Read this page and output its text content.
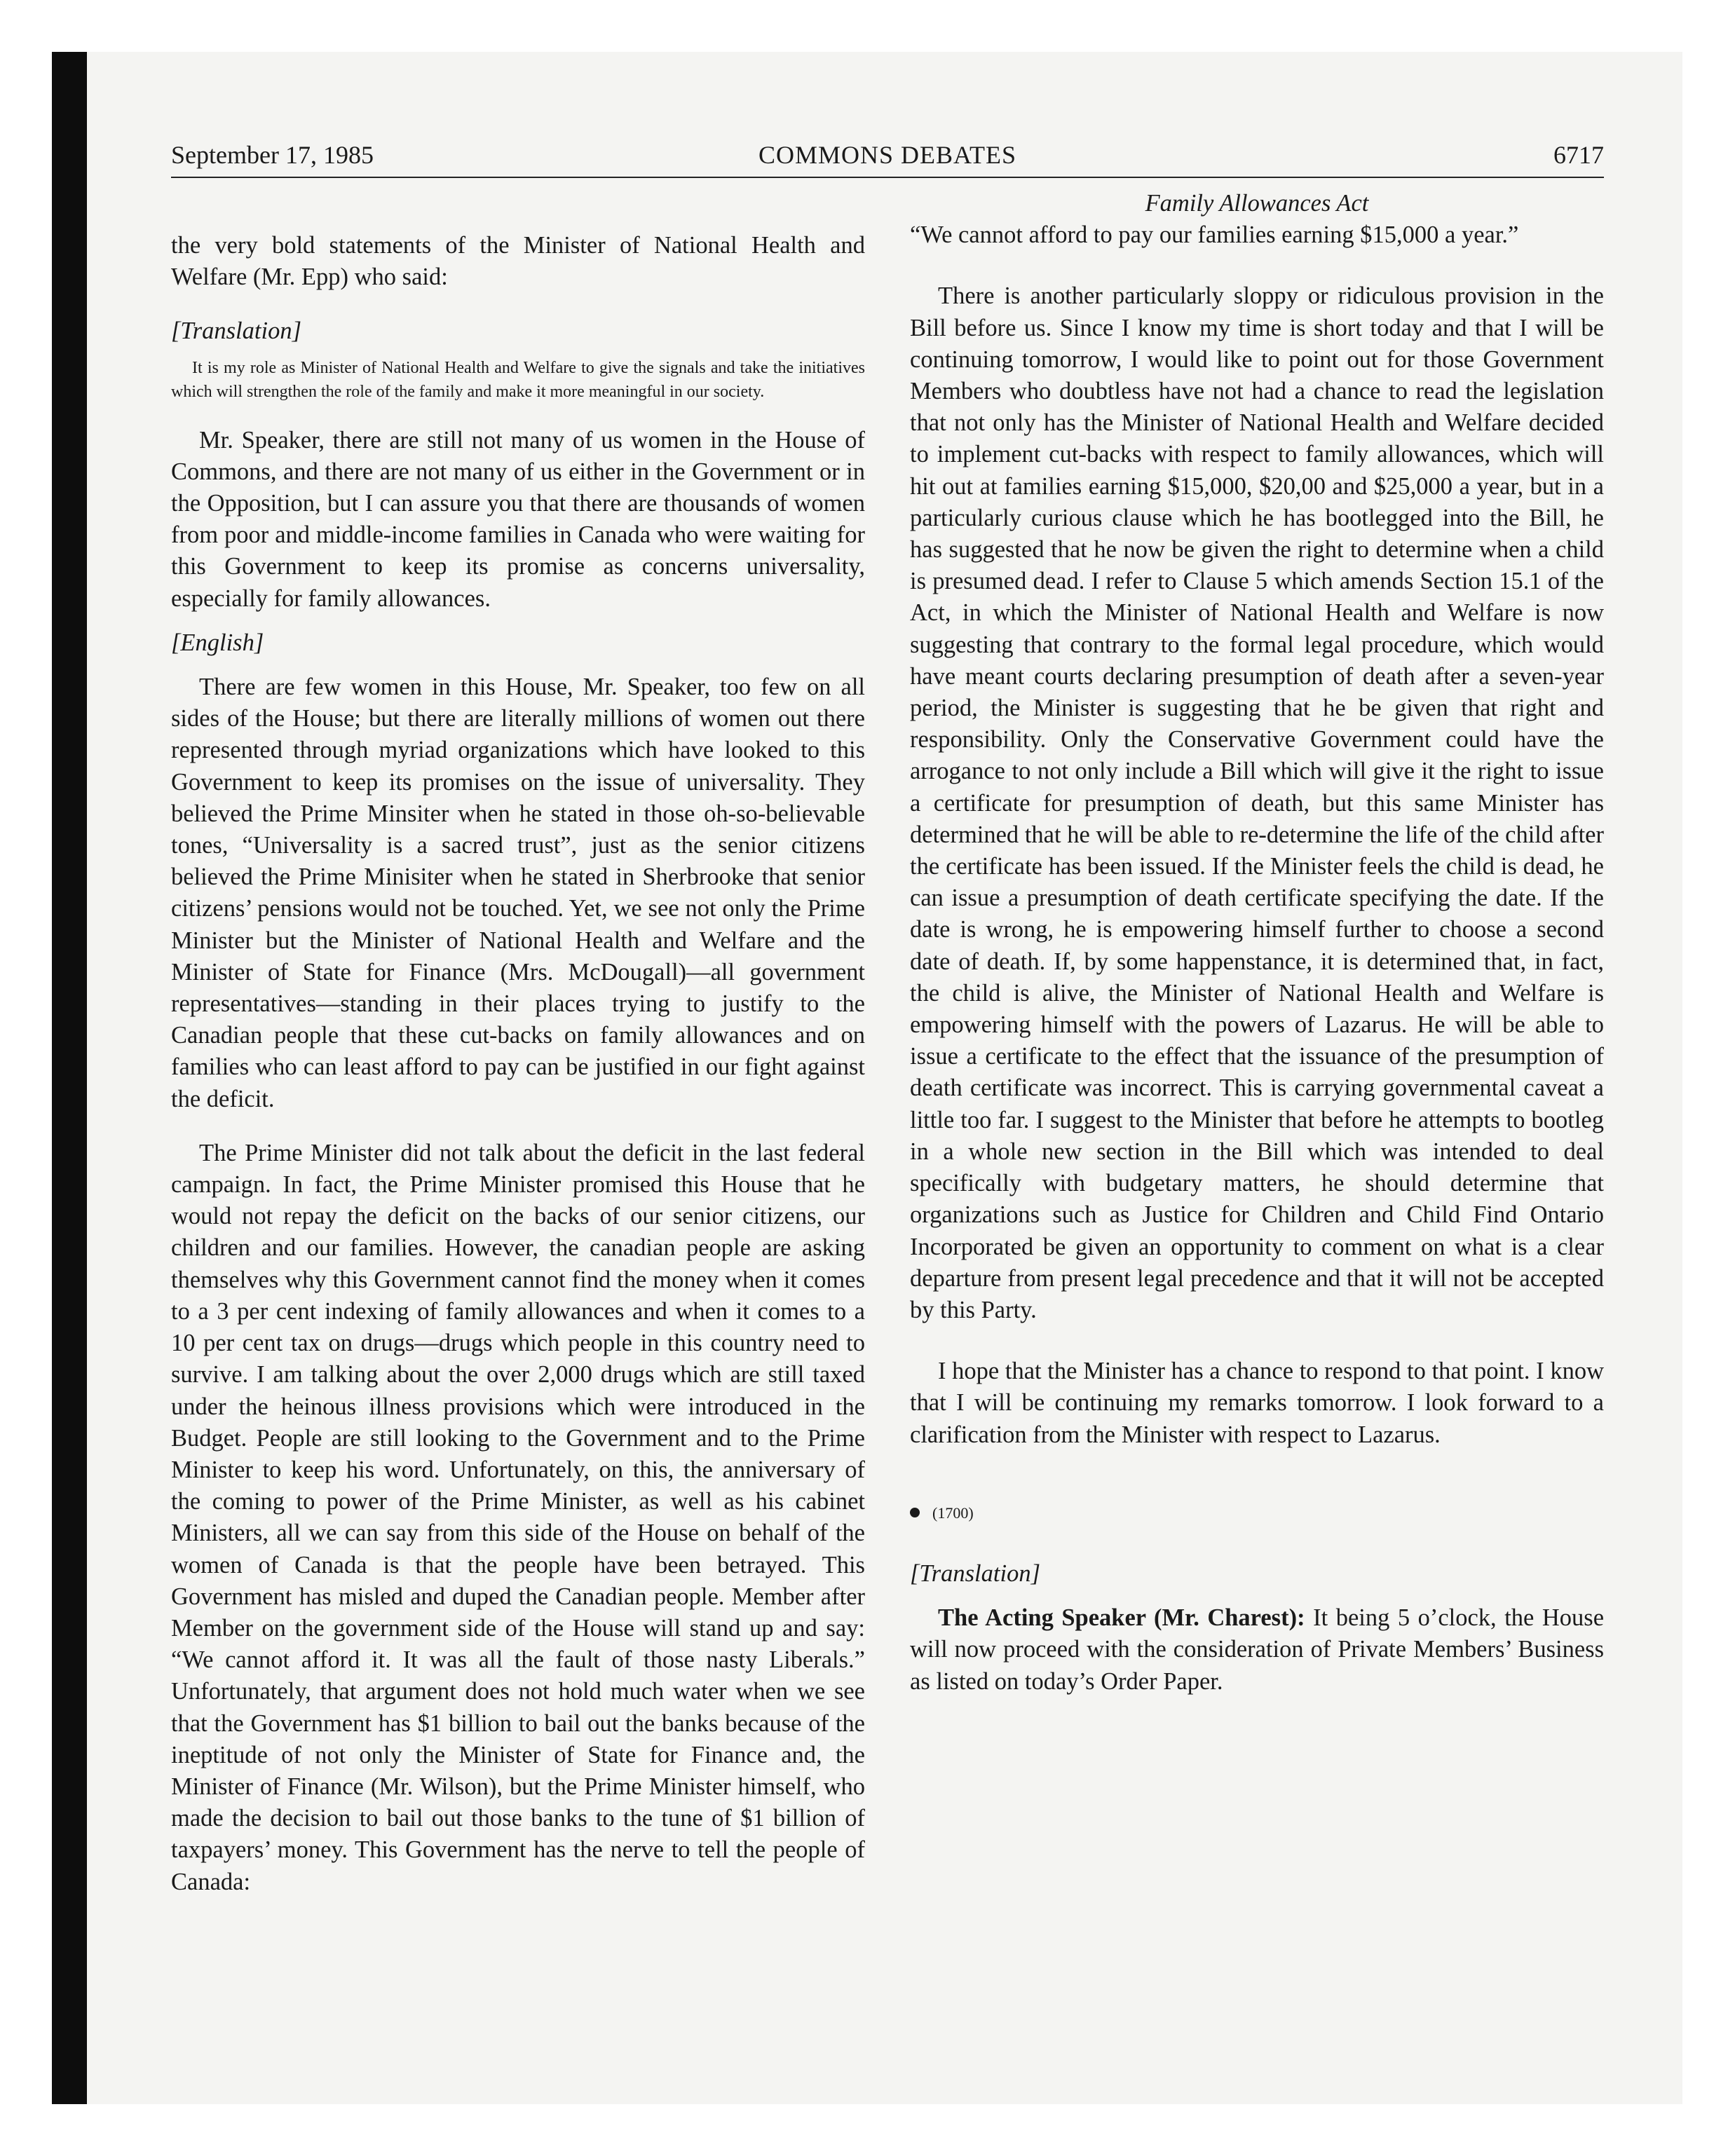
September 17, 1985	COMMONS DEBATES	6717

the very bold statements of the Minister of National Health and Welfare (Mr. Epp) who said:

[Translation]

It is my role as Minister of National Health and Welfare to give the signals and take the initiatives which will strengthen the role of the family and make it more meaningful in our society.

Mr. Speaker, there are still not many of us women in the House of Commons, and there are not many of us either in the Government or in the Opposition, but I can assure you that there are thousands of women from poor and middle-income families in Canada who were waiting for this Government to keep its promise as concerns universality, especially for family allowances.

[English]

There are few women in this House, Mr. Speaker, too few on all sides of the House; but there are literally millions of women out there represented through myriad organizations which have looked to this Government to keep its promises on the issue of universality. They believed the Prime Minsiter when he stated in those oh-so-believable tones, “Universality is a sacred trust”, just as the senior citizens believed the Prime Minisiter when he stated in Sherbrooke that senior citizens’ pensions would not be touched. Yet, we see not only the Prime Minister but the Minister of National Health and Welfare and the Minister of State for Finance (Mrs. McDougall)—all government representatives—standing in their places trying to justify to the Canadian people that these cut-backs on family allowances and on families who can least afford to pay can be justified in our fight against the deficit.

The Prime Minister did not talk about the deficit in the last federal campaign. In fact, the Prime Minister promised this House that he would not repay the deficit on the backs of our senior citizens, our children and our families. However, the canadian people are asking themselves why this Government cannot find the money when it comes to a 3 per cent indexing of family allowances and when it comes to a 10 per cent tax on drugs—drugs which people in this country need to survive. I am talking about the over 2,000 drugs which are still taxed under the heinous illness provisions which were introduced in the Budget. People are still looking to the Government and to the Prime Minister to keep his word. Unfortunately, on this, the anniversary of the coming to power of the Prime Minister, as well as his cabinet Ministers, all we can say from this side of the House on behalf of the women of Canada is that the people have been betrayed. This Government has misled and duped the Canadian people. Member after Member on the government side of the House will stand up and say: “We cannot afford it. It was all the fault of those nasty Liberals.” Unfortunately, that argument does not hold much water when we see that the Government has $1 billion to bail out the banks because of the ineptitude of not only the Minister of State for Finance and, the Minister of Finance (Mr. Wilson), but the Prime Minister himself, who made the decision to bail out those banks to the tune of $1 billion of taxpayers’ money. This Government has the nerve to tell the people of Canada:

Family Allowances Act

“We cannot afford to pay our families earning $15,000 a year.”

There is another particularly sloppy or ridiculous provision in the Bill before us. Since I know my time is short today and that I will be continuing tomorrow, I would like to point out for those Government Members who doubtless have not had a chance to read the legislation that not only has the Minister of National Health and Welfare decided to implement cut-backs with respect to family allowances, which will hit out at families earning $15,000, $20,00 and $25,000 a year, but in a particularly curious clause which he has bootlegged into the Bill, he has suggested that he now be given the right to determine when a child is presumed dead. I refer to Clause 5 which amends Section 15.1 of the Act, in which the Minister of National Health and Welfare is now suggesting that contrary to the formal legal procedure, which would have meant courts declaring presumption of death after a seven-year period, the Minister is suggesting that he be given that right and responsibility. Only the Conservative Government could have the arrogance to not only include a Bill which will give it the right to issue a certificate for presumption of death, but this same Minister has determined that he will be able to re-determine the life of the child after the certificate has been issued. If the Minister feels the child is dead, he can issue a presumption of death certificate specifying the date. If the date is wrong, he is empowering himself further to choose a second date of death. If, by some happenstance, it is determined that, in fact, the child is alive, the Minister of National Health and Welfare is empowering himself with the powers of Lazarus. He will be able to issue a certificate to the effect that the issuance of the presumption of death certificate was incorrect. This is carrying governmental caveat a little too far. I suggest to the Minister that before he attempts to bootleg in a whole new section in the Bill which was intended to deal specifically with budgetary matters, he should determine that organizations such as Justice for Children and Child Find Ontario Incorporated be given an opportunity to comment on what is a clear departure from present legal precedence and that it will not be accepted by this Party.

I hope that the Minister has a chance to respond to that point. I know that I will be continuing my remarks tomorrow. I look forward to a clarification from the Minister with respect to Lazarus.

(1700)

[Translation]

The Acting Speaker (Mr. Charest): It being 5 o’clock, the House will now proceed with the consideration of Private Members’ Business as listed on today’s Order Paper.
